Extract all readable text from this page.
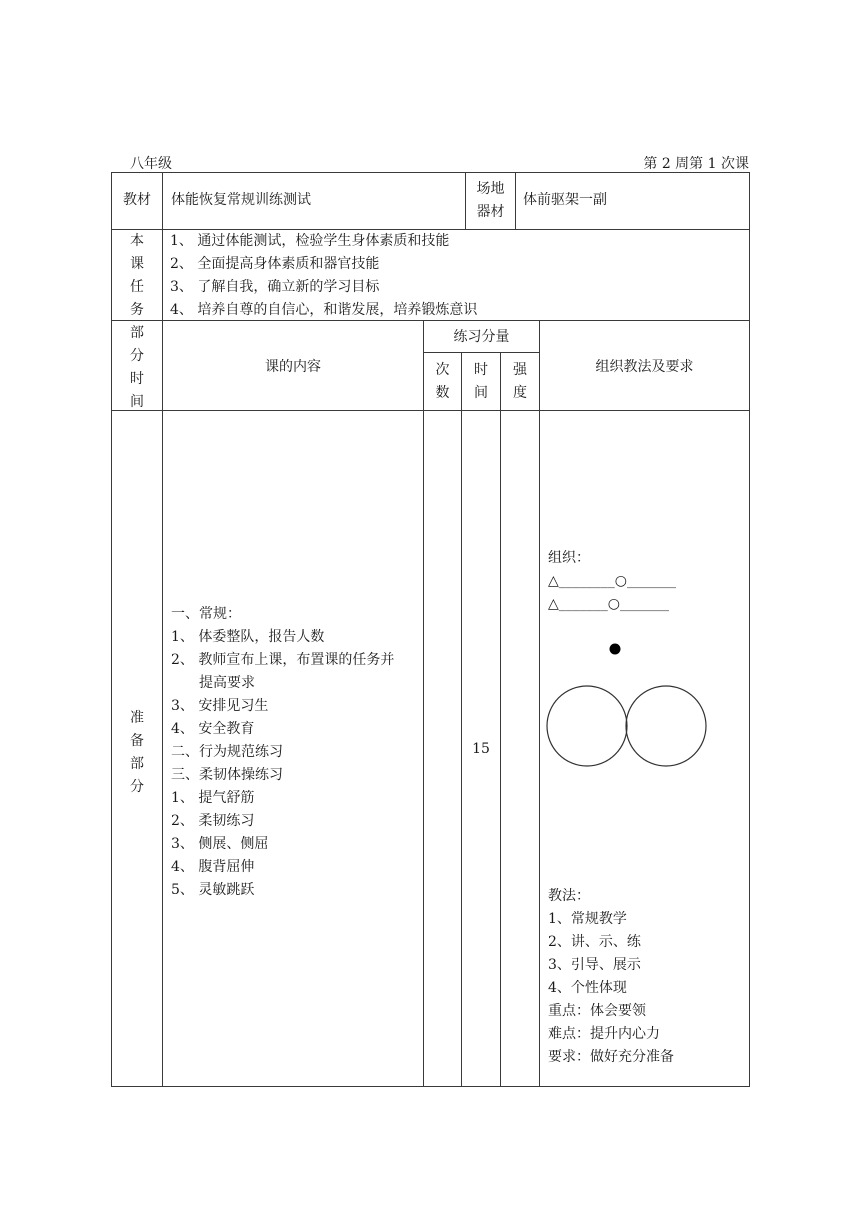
八年级	第 2 周第 1 次课
教材	体能恢复常规训练测试
场地
器材
体前驱架一副
本
课
任
务
1、 通过体能测试，检验学生身体素质和技能
2、 全面提高身体素质和器官技能
3、 了解自我，确立新的学习目标
4、 培养自尊的自信心，和谐发展，培养锻炼意识
部
分
时
间
课的内容
练习分量
次
数
时
间
强
度
组织教法及要求
准
备
部
分
一、常规：
1、 体委整队，报告人数
2、 教师宣布上课，布置课的任务并
提高要求
3、 安排见习生
4、 安全教育
二、行为规范练习
三、柔韧体操练习
1、 提气舒筋
2、 柔韧练习
3、 侧展、侧屈
4、 腹背屈伸
5、 灵敏跳跃
15
组织：
△________○_______
△_______○_______
教法：
1、常规教学
2、讲、示、练
3、引导、展示
4、个性体现
重点：体会要领
难点：提升内心力
要求：做好充分准备
